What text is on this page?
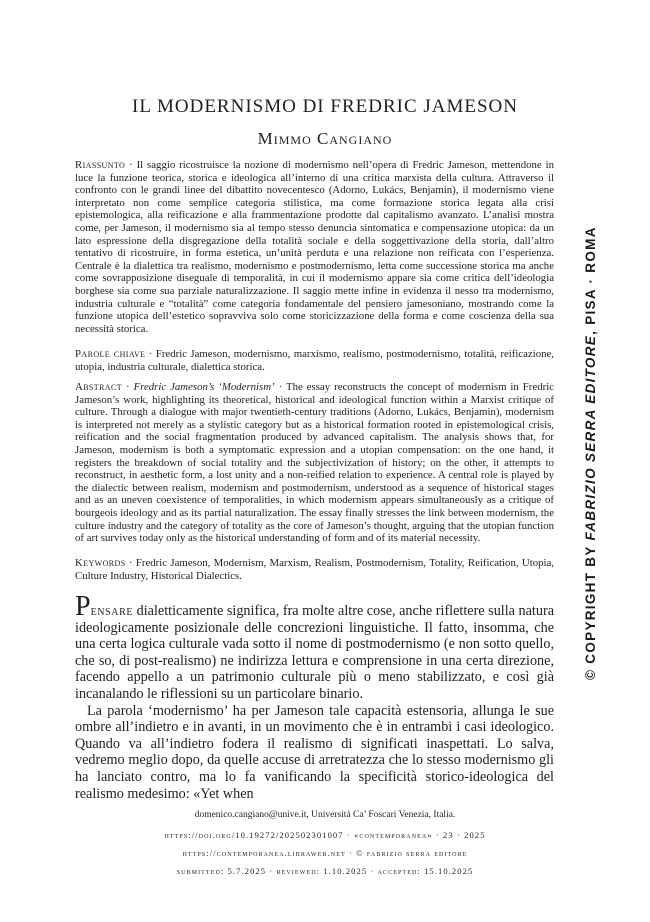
IL MODERNISMO DI FREDRIC JAMESON
Mimmo Cangiano
Riassunto · Il saggio ricostruisce la nozione di modernismo nell’opera di Fredric Jameson, mettendone in luce la funzione teorica, storica e ideologica all’interno di una critica marxista della cultura. Attraverso il confronto con le grandi linee del dibattito novecentesco (Adorno, Lukács, Benjamin), il modernismo viene interpretato non come semplice categoria stilistica, ma come formazione storica legata alla crisi epistemologica, alla reificazione e alla frammentazione prodotte dal capitalismo avanzato. L’analisi mostra come, per Jameson, il modernismo sia al tempo stesso denuncia sintomatica e compensazione utopica: da un lato espressione della disgregazione della totalità sociale e della soggettivazione della storia, dall’altro tentativo di ricostruire, in forma estetica, un’unità perduta e una relazione non reificata con l’esperienza. Centrale è la dialettica tra realismo, modernismo e postmodernismo, letta come successione storica ma anche come sovrapposizione diseguale di temporalità, in cui il modernismo appare sia come critica dell’ideologia borghese sia come sua parziale naturalizzazione. Il saggio mette infine in evidenza il nesso tra modernismo, industria culturale e “totalità” come categoria fondamentale del pensiero jamesoniano, mostrando come la funzione utopica dell’estetico sopravviva solo come storicizzazione della forma e come coscienza della sua necessità storica.
Parole chiave · Fredric Jameson, modernismo, marxismo, realismo, postmodernismo, totalità, reificazione, utopia, industria culturale, dialettica storica.
Abstract · Fredric Jameson’s ‘Modernism’ · The essay reconstructs the concept of modernism in Fredric Jameson’s work, highlighting its theoretical, historical and ideological function within a Marxist critique of culture. Through a dialogue with major twentieth-century traditions (Adorno, Lukács, Benjamin), modernism is interpreted not merely as a stylistic category but as a historical formation rooted in epistemological crisis, reification and the social fragmentation produced by advanced capitalism. The analysis shows that, for Jameson, modernism is both a symptomatic expression and a utopian compensation: on the one hand, it registers the breakdown of social totality and the subjectivization of history; on the other, it attempts to reconstruct, in aesthetic form, a lost unity and a non-reified relation to experience. A central role is played by the dialectic between realism, modernism and postmodernism, understood as a sequence of historical stages and as an uneven coexistence of temporalities, in which modernism appears simultaneously as a critique of bourgeois ideology and as its partial naturalization. The essay finally stresses the link between modernism, the culture industry and the category of totality as the core of Jameson’s thought, arguing that the utopian function of art survives today only as the historical understanding of form and of its material necessity.
Keywords · Fredric Jameson, Modernism, Marxism, Realism, Postmodernism, Totality, Reification, Utopia, Culture Industry, Historical Dialectics.

Pensare dialetticamente significa, fra molte altre cose, anche riflettere sulla natura ideologicamente posizionale delle concrezioni linguistiche. Il fatto, insomma, che una certa logica culturale vada sotto il nome di postmodernismo (e non sotto quello, che so, di post-realismo) ne indirizza lettura e comprensione in una certa direzione, facendo appello a un patrimonio culturale più o meno stabilizzato, e così già incanalando le riflessioni su un particolare binario.

La parola ‘modernismo’ ha per Jameson tale capacità estensoria, allunga le sue ombre all’indietro e in avanti, in un movimento che è in entrambi i casi ideologico. Quando va all’indietro fodera il realismo di significati inaspettati. Lo salva, vedremo meglio dopo, da quelle accuse di arretratezza che lo stesso modernismo gli ha lanciato contro, ma lo fa vanificando la specificità storico-ideologica del realismo medesimo: «Yet when

domenico.cangiano@unive.it, Università Ca’ Foscari Venezia, Italia.
https://doi.org/10.19272/202502301007 · «contemporanea» · 23 · 2025
https://contemporanea.libraweb.net · © fabrizio serra editore
submitted: 5.7.2025 · reviewed: 1.10.2025 · accepted: 15.10.2025
© COPYRIGHT BY FABRIZIO SERRA EDITORE, PISA · ROMA
